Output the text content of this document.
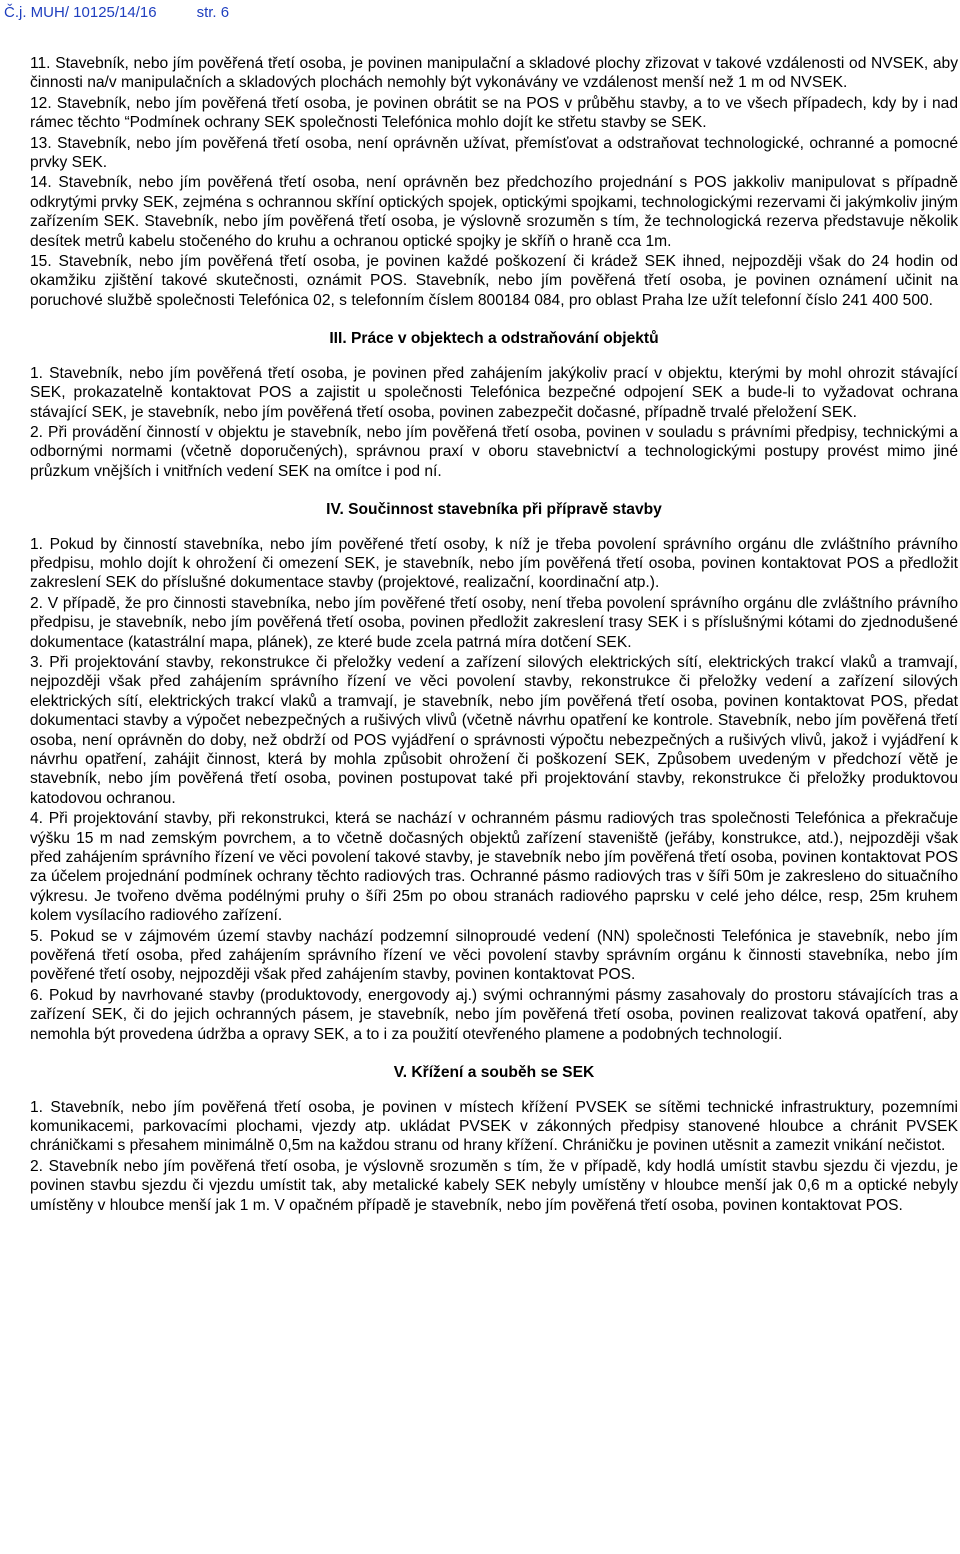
Č.j. MUH/ 10125/14/16	str. 6
11. Stavebník, nebo jím pověřená třetí osoba, je povinen manipulační a skladové plochy zřizovat v takové vzdálenosti od NVSEK, aby činnosti na/v manipulačních a skladových plochách nemohly být vykonávány ve vzdálenost menší než 1 m od NVSEK.
12. Stavebník, nebo jím pověřená třetí osoba, je povinen obrátit se na POS v průběhu stavby, a to ve všech případech, kdy by i nad rámec těchto “Podmínek ochrany SEK společnosti Telefónica mohlo dojít ke střetu stavby se SEK.
13. Stavebník, nebo jím pověřená třetí osoba, není oprávněn užívat, přemísťovat a odstraňovat technologické, ochranné a pomocné prvky SEK.
14. Stavebník, nebo jím pověřená třetí osoba, není oprávněn bez předchozího projednání s POS jakkoliv manipulovat s případně odkrytými prvky SEK, zejména s ochrannou skříní optických spojek, optickými spojkami, technologickými rezervami či jakýmkoliv jiným zařízením SEK. Stavebník, nebo jím pověřená třetí osoba, je výslovně srozuměn s tím, že technologická rezerva představuje několik desítek metrů kabelu stočeného do kruhu a ochranou optické spojky je skříň o hraně cca 1m.
15. Stavebník, nebo jím pověřená třetí osoba, je povinen každé poškození či krádež SEK ihned, nejpozději však do 24 hodin od okamžiku zjištění takové skutečnosti, oznámit POS. Stavebník, nebo jím pověřená třetí osoba, je povinen oznámení učinit na poruchové službě společnosti Telefónica 02, s telefonním číslem 800184 084, pro oblast Praha lze užít telefonní číslo 241 400 500.
III. Práce v objektech a odstraňování objektů
1. Stavebník, nebo jím pověřená třetí osoba, je povinen před zahájením jakýkoliv prací v objektu, kterými by mohl ohrozit stávající SEK, prokazatelně kontaktovat POS a zajistit u společnosti Telefónica bezpečné odpojení SEK a bude-li to vyžadovat ochrana stávající SEK, je stavebník, nebo jím pověřená třetí osoba, povinen zabezpečit dočasné, případně trvalé přeložení SEK.
2. Při provádění činností v objektu je stavebník, nebo jím pověřená třetí osoba, povinen v souladu s právními předpisy, technickými a odbornými normami (včetně doporučených), správnou praxí v oboru stavebnictví a technologickými postupy provést mimo jiné průzkum vnějších i vnitřních vedení SEK na omítce i pod ní.
IV. Součinnost stavebníka při přípravě stavby
1. Pokud by činností stavebníka, nebo jím pověřené třetí osoby, k níž je třeba povolení správního orgánu dle zvláštního právního předpisu, mohlo dojít k ohrožení či omezení SEK, je stavebník, nebo jím pověřená třetí osoba, povinen kontaktovat POS a předložit zakreslení SEK do příslušné dokumentace stavby (projektové, realizační, koordinační atp.).
2. V případě, že pro činnosti stavebníka, nebo jím pověřené třetí osoby, není třeba povolení správního orgánu dle zvláštního právního předpisu, je stavebník, nebo jím pověřená třetí osoba, povinen předložit zakreslení trasy SEK i s příslušnými kótami do zjednodušené dokumentace (katastrální mapa, plánek), ze které bude zcela patrná míra dotčení SEK.
3. Při projektování stavby, rekonstrukce či přeložky vedení a zařízení silových elektrických sítí, elektrických trakcí vlaků a tramvají, nejpozději však před zahájením správního řízení ve věci povolení stavby, rekonstrukce či přeložky vedení a zařízení silových elektrických sítí, elektrických trakcí vlaků a tramvají, je stavebník, nebo jím pověřená třetí osoba, povinen kontaktovat POS, předat dokumentaci stavby a výpočet nebezpečných a rušivých vlivů (včetně návrhu opatření ke kontrole. Stavebník, nebo jím pověřená třetí osoba, není oprávněn do doby, než obdrží od POS vyjádření o správnosti výpočtu nebezpečných a rušivých vlivů, jakož i vyjádření k návrhu opatření, zahájit činnost, která by mohla způsobit ohrožení či poškození SEK, Způsobem uvedeným v předchozí větě je stavebník, nebo jím pověřená třetí osoba, povinen postupovat také při projektování stavby, rekonstrukce či přeložky produktovou katodovou ochranou.
4. Při projektování stavby, při rekonstrukci, která se nachází v ochranném pásmu radiových tras společnosti Telefónica a překračuje výšku 15 m nad zemským povrchem, a to včetně dočasných objektů zařízení staveniště (jeřáby, konstrukce, atd.), nejpozději však před zahájením správního řízení ve věci povolení takové stavby, je stavebník nebo jím pověřená třetí osoba, povinen kontaktovat POS za účelem projednání podmínek ochrany těchto radiových tras. Ochranné pásmo radiových tras v šíři 50m je zakreslено do situačního výkresu. Je tvořeno dvěma podélnými pruhy o šíři 25m po obou stranách radiového paprsku v celé jeho délce, resp, 25m kruhem kolem vysílacího radiového zařízení.
5. Pokud se v zájmovém území stavby nachází podzemní silnoproudé vedení (NN) společnosti Telefónica je stavebník, nebo jím pověřená třetí osoba, před zahájením správního řízení ve věci povolení stavby správním orgánu k činnosti stavebníka, nebo jím pověřené třetí osoby, nejpozději však před zahájením stavby, povinen kontaktovat POS.
6. Pokud by navrhované stavby (produktovody, energovody aj.) svými ochrannými pásmy zasahovaly do prostoru stávajících tras a zařízení SEK, či do jejich ochranných pásem, je stavebník, nebo jím pověřená třetí osoba, povinen realizovat taková opatření, aby nemohla být provedena údržba a opravy SEK, a to i za použití otevřeného plamene a podobných technologií.
V. Křížení a souběh se SEK
1. Stavebník, nebo jím pověřená třetí osoba, je povinen v místech křížení PVSEK se sítěmi technické infrastruktury, pozemními komunikacemi, parkovacími plochami, vjezdy atp. ukládat PVSEK v zákonných předpisy stanovené hloubce a chránit PVSEK chráničkami s přesahem minimálně 0,5m na každou stranu od hrany křížení. Chráničku je povinen utěsnit a zamezit vnikání nečistot.
2. Stavebník nebo jím pověřená třetí osoba, je výslovně srozuměn s tím, že v případě, kdy hodlá umístit stavbu sjezdu či vjezdu, je povinen stavbu sjezdu či vjezdu umístit tak, aby metalické kabely SEK nebyly umístěny v hloubce menší jak 0,6 m a optické nebyly umístěny v hloubce menší jak 1 m. V opačném případě je stavebník, nebo jím pověřená třetí osoba, povinen kontaktovat POS.
